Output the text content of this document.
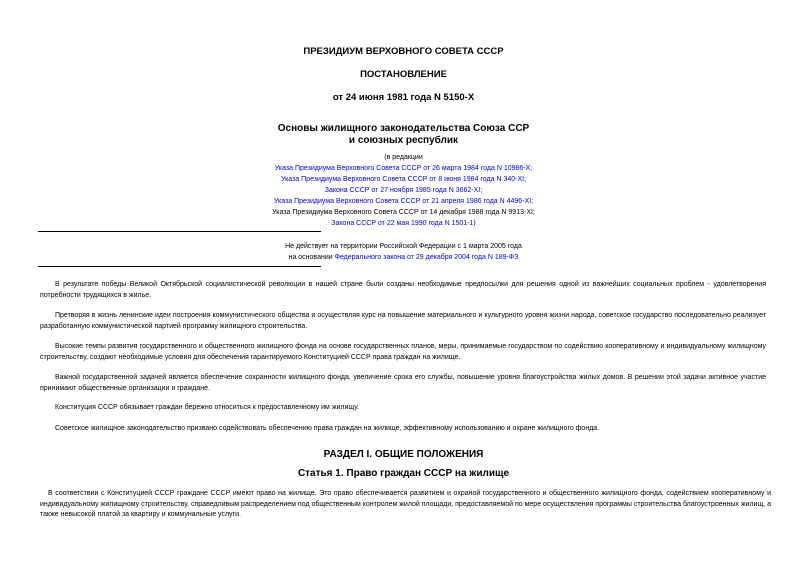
ПРЕЗИДИУМ ВЕРХОВНОГО СОВЕТА СССР
ПОСТАНОВЛЕНИЕ
от 24 июня 1981 года N 5150-X
Основы жилищного законодательства Союза ССР
и союзных республик
(в редакции
Указа Президиума Верховного Совета СССР от 26 марта 1984 года N 10986-X;
Указа Президиума Верховного Совета СССР от 8 июня 1984 года N 340-XI;
Закона СССР от 27 ноября 1985 года N 3662-XI;
Указа Президиума Верховного Совета СССР от 21 апреля 1986 года N 4496-XI;
Указа Президиума Верховного Совета СССР от 14 декабря 1988 года N 9913-XI;
Закона СССР от 22 мая 1990 года N 1501-1)
Не действует на территории Российской Федерации с 1 марта 2005 года
на основании Федерального закона от 29 декабря 2004 года N 189-ФЗ
В результате победы Великой Октябрьской социалистической революции в нашей стране были созданы необходимые предпосылки для решения одной из важнейших социальных проблем - удовлетворения потребности трудящихся в жилье.
Претворяя в жизнь ленинские идеи построения коммунистического общества и осуществляя курс на повышение материального и культурного уровня жизни народа, советское государство последовательно реализует разработанную коммунистической партией программу жилищного строительства.
Высокие темпы развития государственного и общественного жилищного фонда на основе государственных планов, меры, принимаемые государством по содействию кооперативному и индивидуальному жилищному строительству, создают необходимые условия для обеспечения гарантируемого Конституцией СССР права граждан на жилище.
Важной государственной задачей является обеспечение сохранности жилищного фонда, увеличение срока его службы, повышение уровня благоустройства жилых домов. В решении этой задачи активное участие принимают общественные организации и граждане.
Конституция СССР обязывает граждан бережно относиться к предоставленному им жилищу.
Советское жилищное законодательство призвано содействовать обеспечению права граждан на жилище, эффективному использованию и охране жилищного фонда.
РАЗДЕЛ I. ОБЩИЕ ПОЛОЖЕНИЯ
Статья 1. Право граждан СССР на жилище
В соответствии с Конституцией СССР граждане СССР имеют право на жилище. Это право обеспечивается развитием и охраной государственного и общественного жилищного фонда, содействием кооперативному и индивидуальному жилищному строительству, справедливым распределением под общественным контролем жилой площади, предоставляемой по мере осуществления программы строительства благоустроенных жилищ, а также невысокой платой за квартиру и коммунальные услуги.
